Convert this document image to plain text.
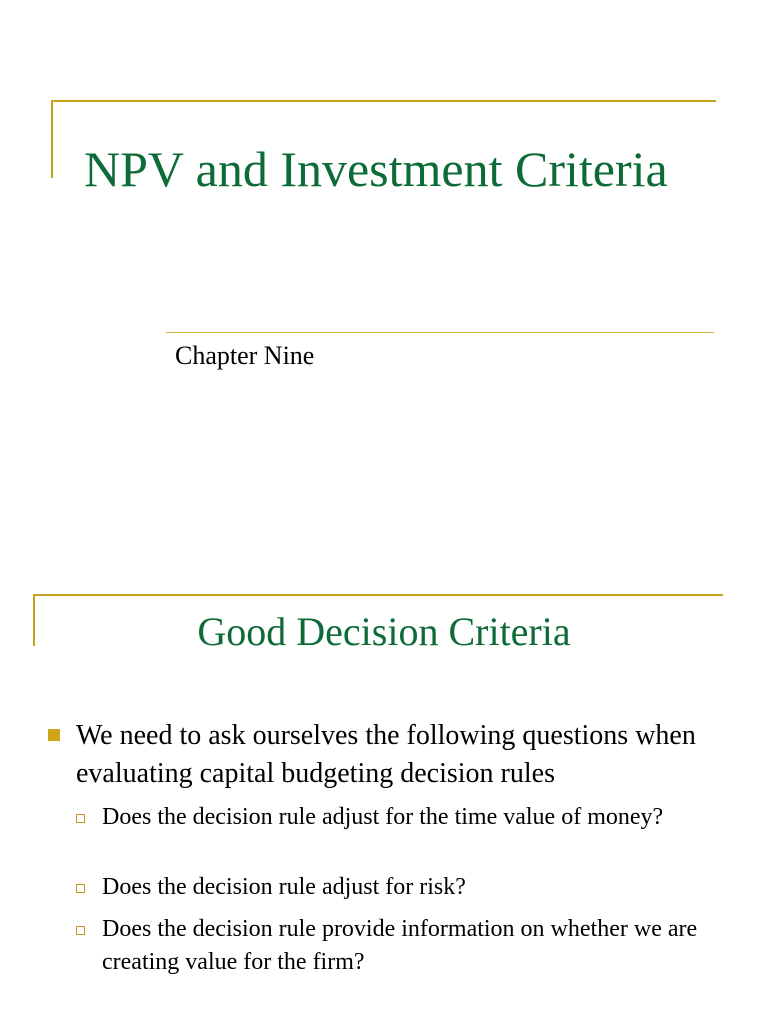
NPV and Investment Criteria
Chapter Nine
Good Decision Criteria
We need to ask ourselves the following questions when evaluating capital budgeting decision rules
Does the decision rule adjust for the time value of money?
Does the decision rule adjust for risk?
Does the decision rule provide information on whether we are creating value for the firm?
